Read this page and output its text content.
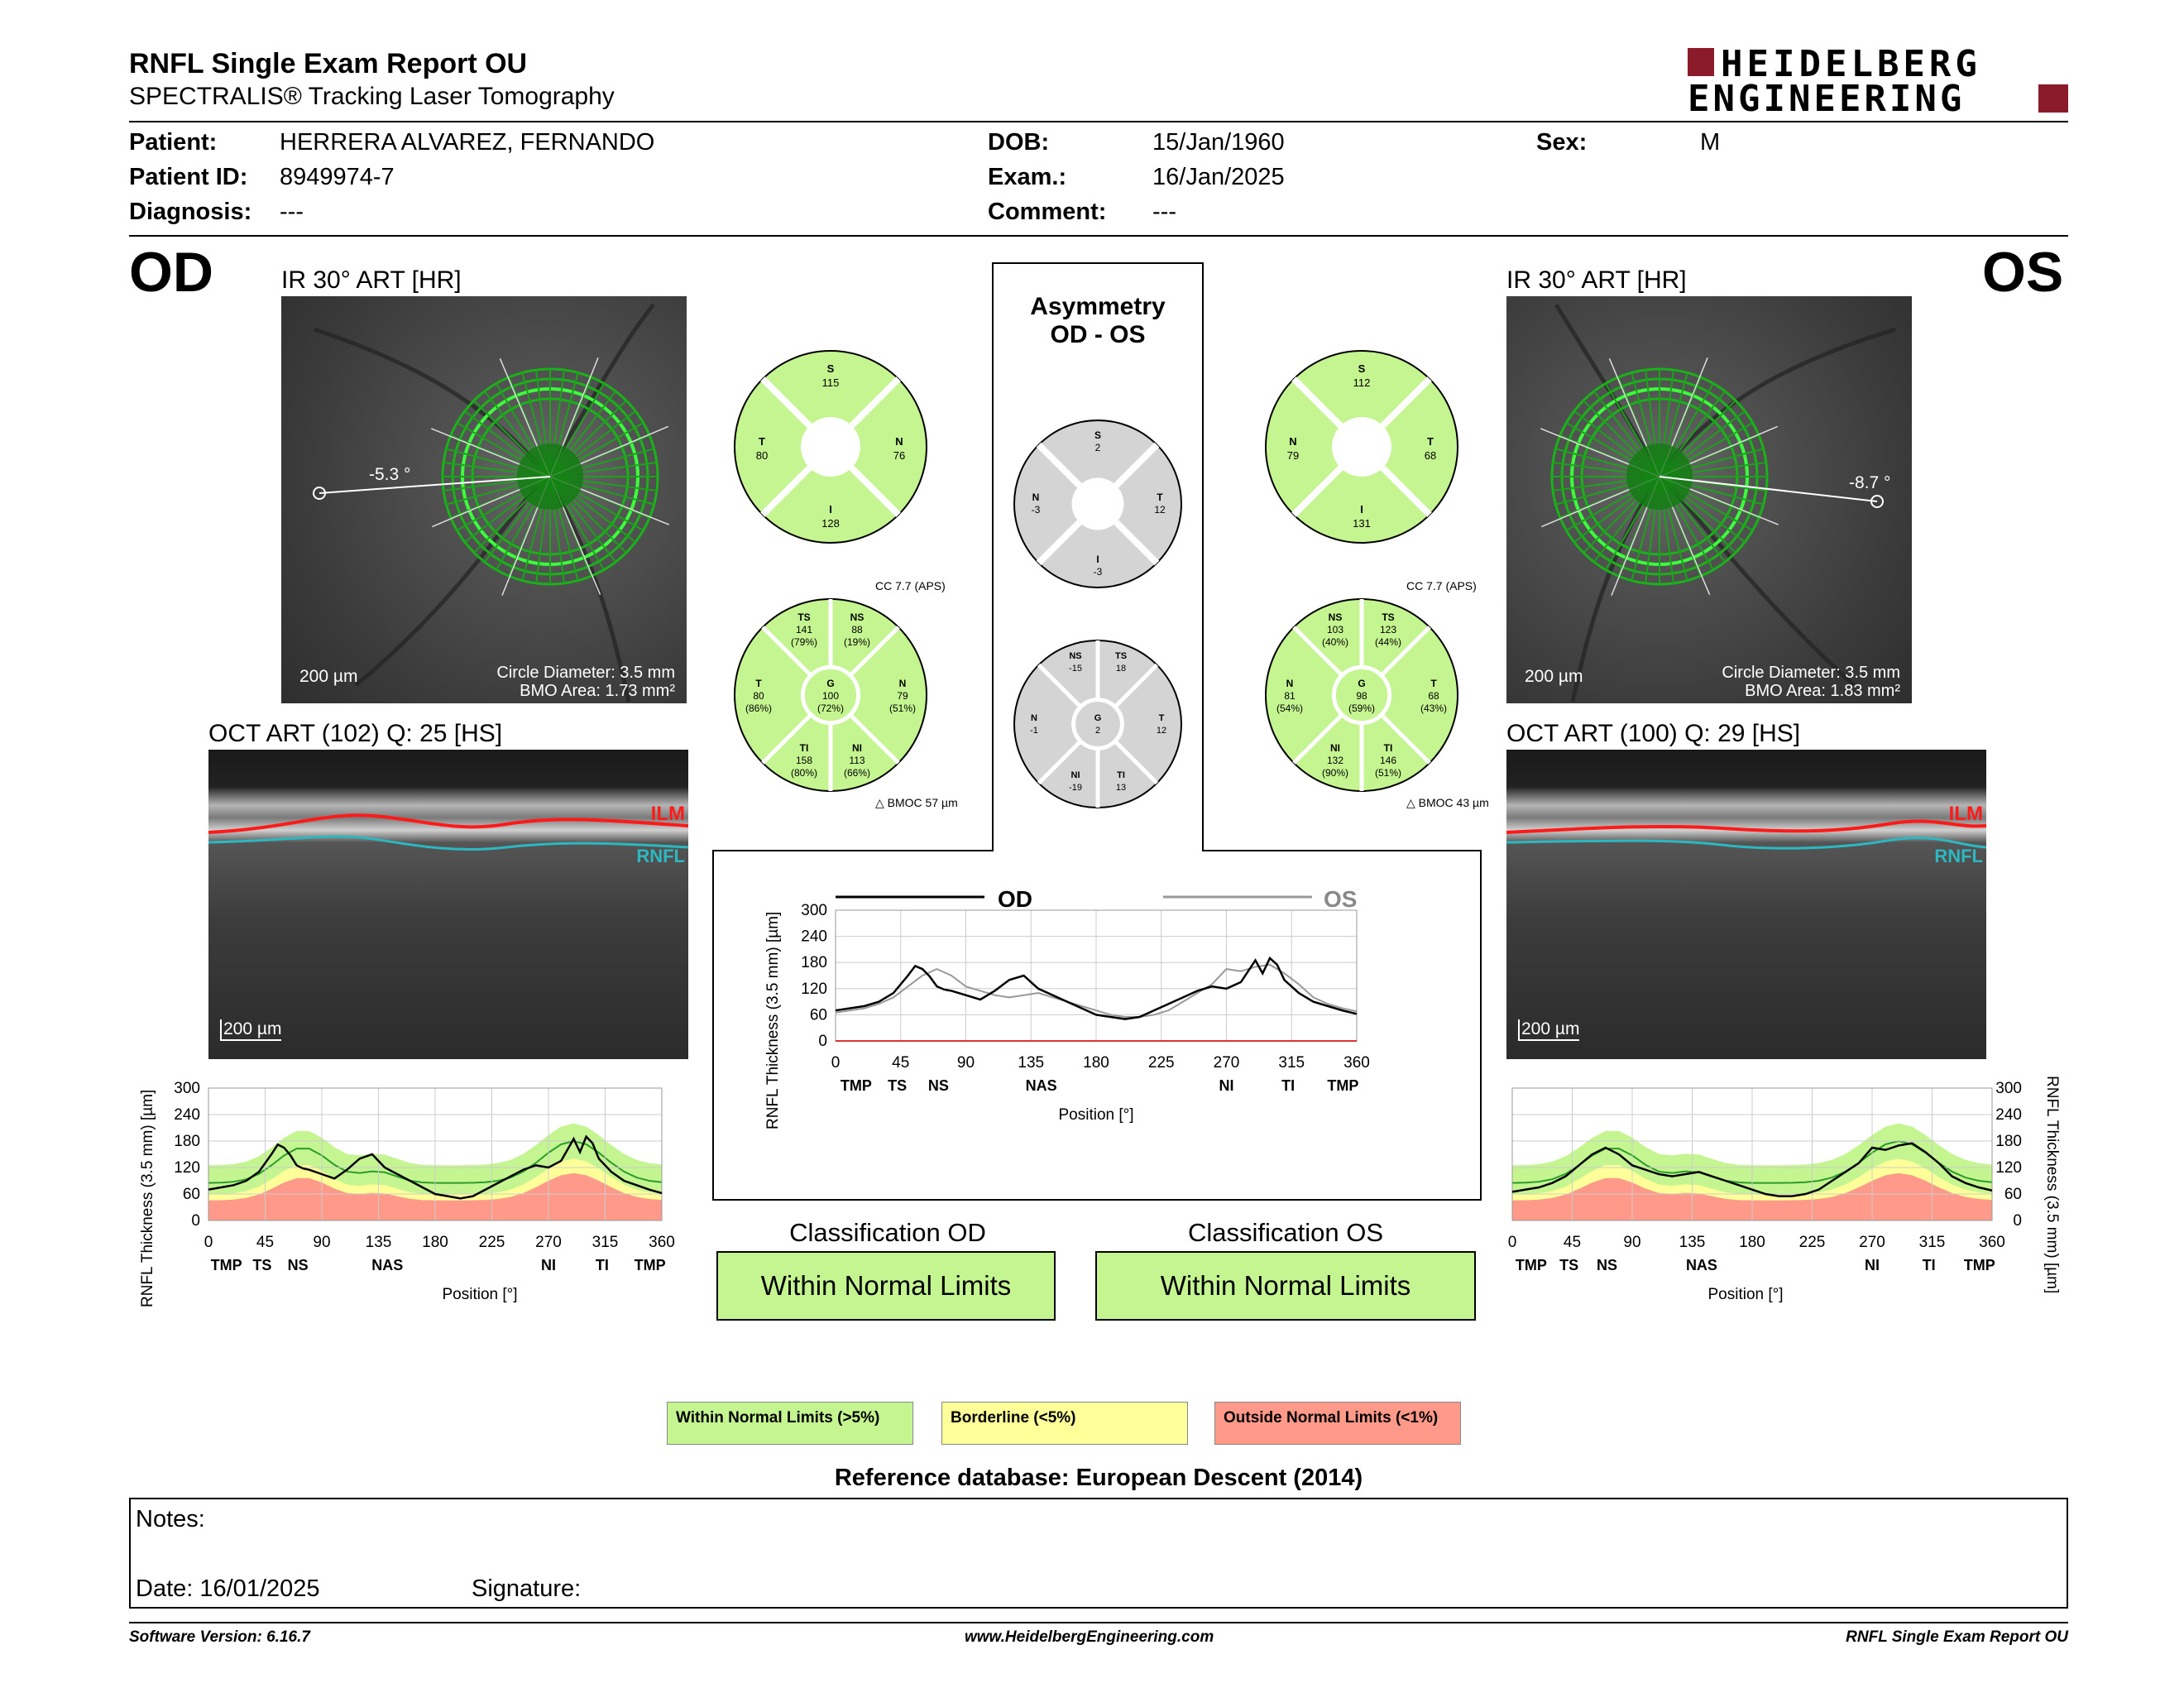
RNFL Single Exam Report OU
SPECTRALIS® Tracking Laser Tomography
HEIDELBERG
ENGINEERING
Patient:	HERRERA ALVAREZ, FERNANDO
Patient ID: 8949974-7
Diagnosis: ---
DOB:	15/Jan/1960
Exam.:	16/Jan/2025
Comment: ---
Sex:	M
OD	OS
IR 30° ART [HR]
-5.3 °
200 µm	Circle Diameter: 3.5 mm
BMO Area: 1.73 mm²
IR 30° ART [HR]
-8.7 °
200 µm	Circle Diameter: 3.5 mm
BMO Area: 1.83 mm²
OCT ART (102) Q: 25 [HS]
ILM
RNFL
200 µm
OCT ART (100) Q: 29 [HS]
ILM
RNFL
200 µm
Asymmetry
OD - OS
S
115
T
80
N
76
I
128
S
2
N
-3
T
12
I
-3
S
112
N
79
T
68
I
131
CC 7.7 (APS)
TS
141
(79%)
NS
88
(19%)
T
80
(86%)
G
100
(72%)
N
79
(51%)
TI
158
(80%)
NI
113
(66%)
△ BMOC 57 µm
NS
-15
TS
18
N
-1
G
2
T
12
NI
-19
TI
13
CC 7.7 (APS)
NS
103
(40%)
TS
123
(44%)
N
81
(54%)
G
98
(59%)
T
68
(43%)
NI
132
(90%)
TI
146
(51%)
△ BMOC 43 µm
RNFL Thickness (3.5 mm) [µm] 0
60
120
180
240
300
0	45 90 135 180 225 270 315 360
TMP TS NS	NAS	NI	TI TMP
Position [°]
RNFL Thickness (3.5 mm) [µm]
0
60
120
180
240
300
0	45	90 135 180 225 270 315 360
TMP TS NS	NAS	NI	TI TMP
Position [°]
OD	OS
RNFL Thickness (3.5 mm) [µm] 0
60
120
180
240
300
0	45	90	135 180 225 270 315 360
TMP TS NS	NAS	NI	TI TMP
Position [°]
Classification OD
Within Normal Limits
Classification OS
Within Normal Limits
Within Normal Limits (>5%)	Borderline (<5%)	Outside Normal Limits (<1%)
Reference database: European Descent (2014)
Notes:
Date: 16/01/2025	Signature:
Software Version: 6.16.7	www.HeidelbergEngineering.com	RNFL Single Exam Report OU
